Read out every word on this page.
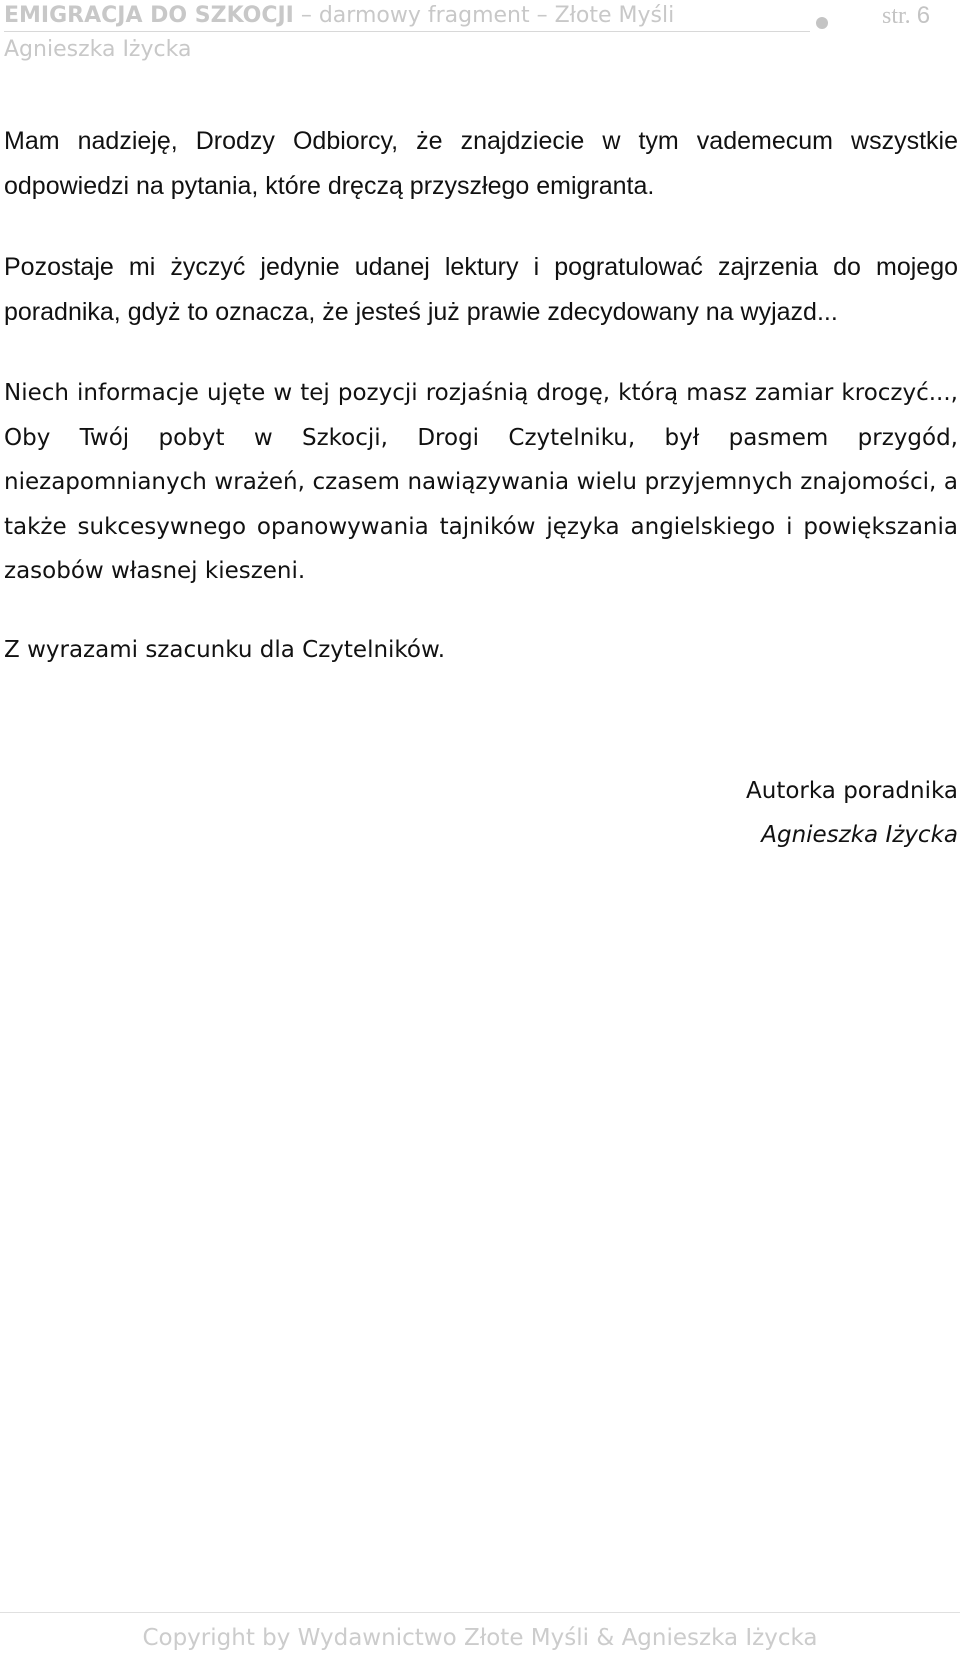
EMIGRACJA DO SZKOCJI – darmowy fragment – Złote Myśli	str. 6
Agnieszka Iżycka

Mam nadzieję, Drodzy Odbiorcy, że znajdziecie w tym vademecum wszystkie odpowiedzi na pytania, które dręczą przyszłego emigranta.

Pozostaje mi życzyć jedynie udanej lektury i pogratulować zajrzenia do mojego poradnika, gdyż to oznacza, że jesteś już prawie zdecydowany na wyjazd...

Niech informacje ujęte w tej pozycji rozjaśnią drogę, którą masz zamiar kroczyć..., Oby Twój pobyt w Szkocji, Drogi Czytelniku, był pasmem przygód, niezapomnianych wrażeń, czasem nawiązywania wielu przyjemnych znajomości, a także sukcesywnego opanowywania tajników języka angielskiego i powiększania zasobów własnej kieszeni.

Z wyrazami szacunku dla Czytelników.

Autorka poradnika
Agnieszka Iżycka
Copyright by Wydawnictwo Złote Myśli & Agnieszka Iżycka
